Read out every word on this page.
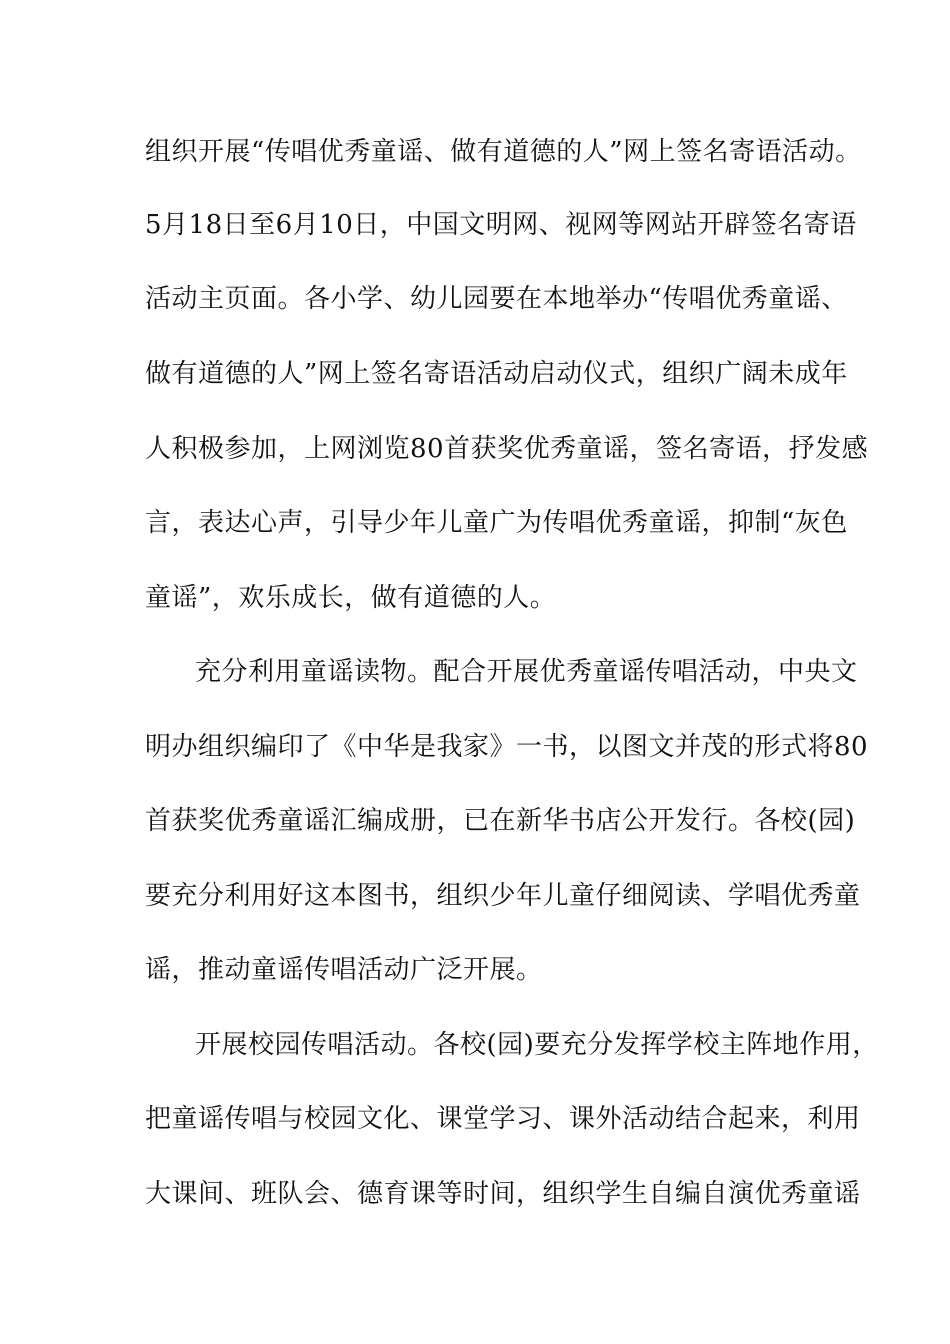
组织开展“传唱优秀童谣、做有道德的人”网上签名寄语活动。
5月18日至6月10日，中国文明网、视网等网站开辟签名寄语
活动主页面。各小学、幼儿园要在本地举办“传唱优秀童谣、
做有道德的人”网上签名寄语活动启动仪式，组织广阔未成年
人积极参加，上网浏览80首获奖优秀童谣，签名寄语，抒发感
言，表达心声，引导少年儿童广为传唱优秀童谣，抑制“灰色
童谣”，欢乐成长，做有道德的人。
充分利用童谣读物。配合开展优秀童谣传唱活动，中央文
明办组织编印了《中华是我家》一书，以图文并茂的形式将80
首获奖优秀童谣汇编成册，已在新华书店公开发行。各校(园)
要充分利用好这本图书，组织少年儿童仔细阅读、学唱优秀童
谣，推动童谣传唱活动广泛开展。
开展校园传唱活动。各校(园)要充分发挥学校主阵地作用，
把童谣传唱与校园文化、课堂学习、课外活动结合起来，利用
大课间、班队会、德育课等时间，组织学生自编自演优秀童谣
